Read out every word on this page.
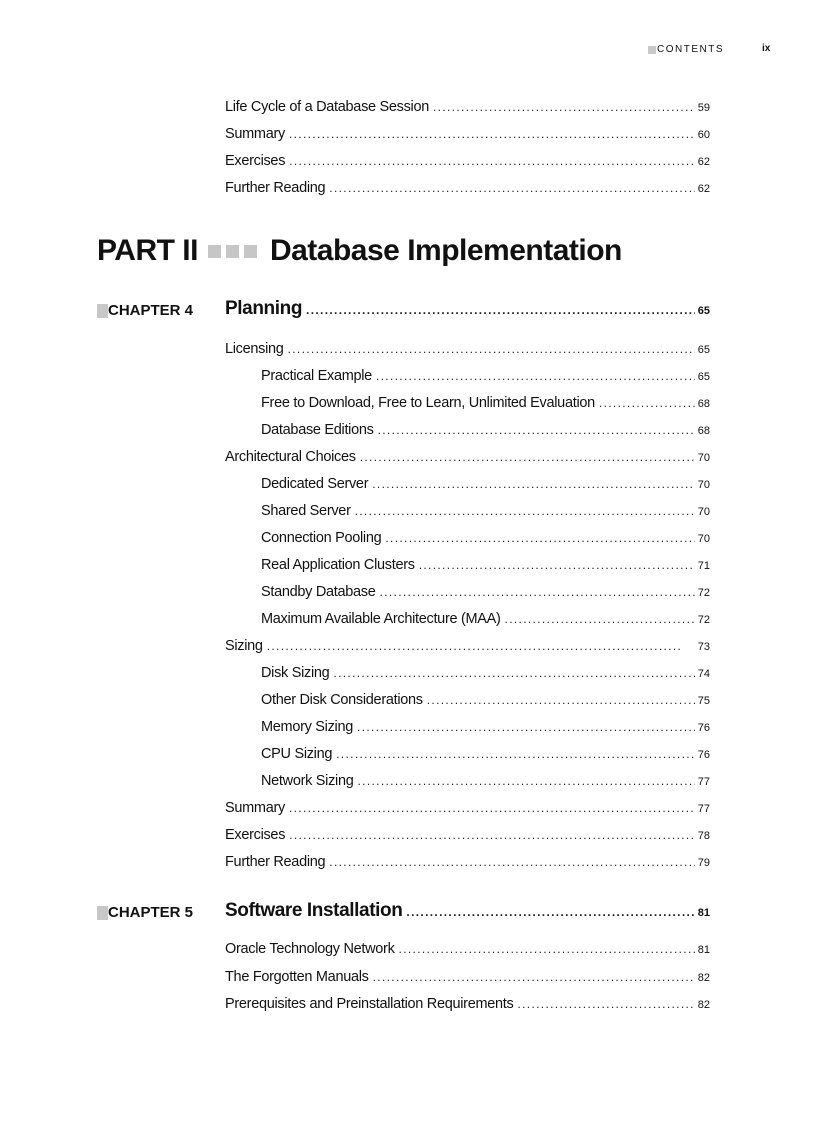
CONTENTS	ix
Life Cycle of a Database Session . . .	59
Summary . . .	60
Exercises . . .	62
Further Reading . . .	62
PART II Database Implementation
CHAPTER 4 Planning . . .	65
Licensing . . .	65
Practical Example . . .	65
Free to Download, Free to Learn, Unlimited Evaluation . . .	68
Database Editions . . .	68
Architectural Choices . . .	70
Dedicated Server . . .	70
Shared Server . . .	70
Connection Pooling . . .	70
Real Application Clusters . . .	71
Standby Database . . .	72
Maximum Available Architecture (MAA) . . .	72
Sizing . . .	73
Disk Sizing . . .	74
Other Disk Considerations . . .	75
Memory Sizing . . .	76
CPU Sizing . . .	76
Network Sizing . . .	77
Summary . . .	77
Exercises . . .	78
Further Reading . . .	79
CHAPTER 5 Software Installation . . .	81
Oracle Technology Network . . .	81
The Forgotten Manuals . . .	82
Prerequisites and Preinstallation Requirements . . .	82
